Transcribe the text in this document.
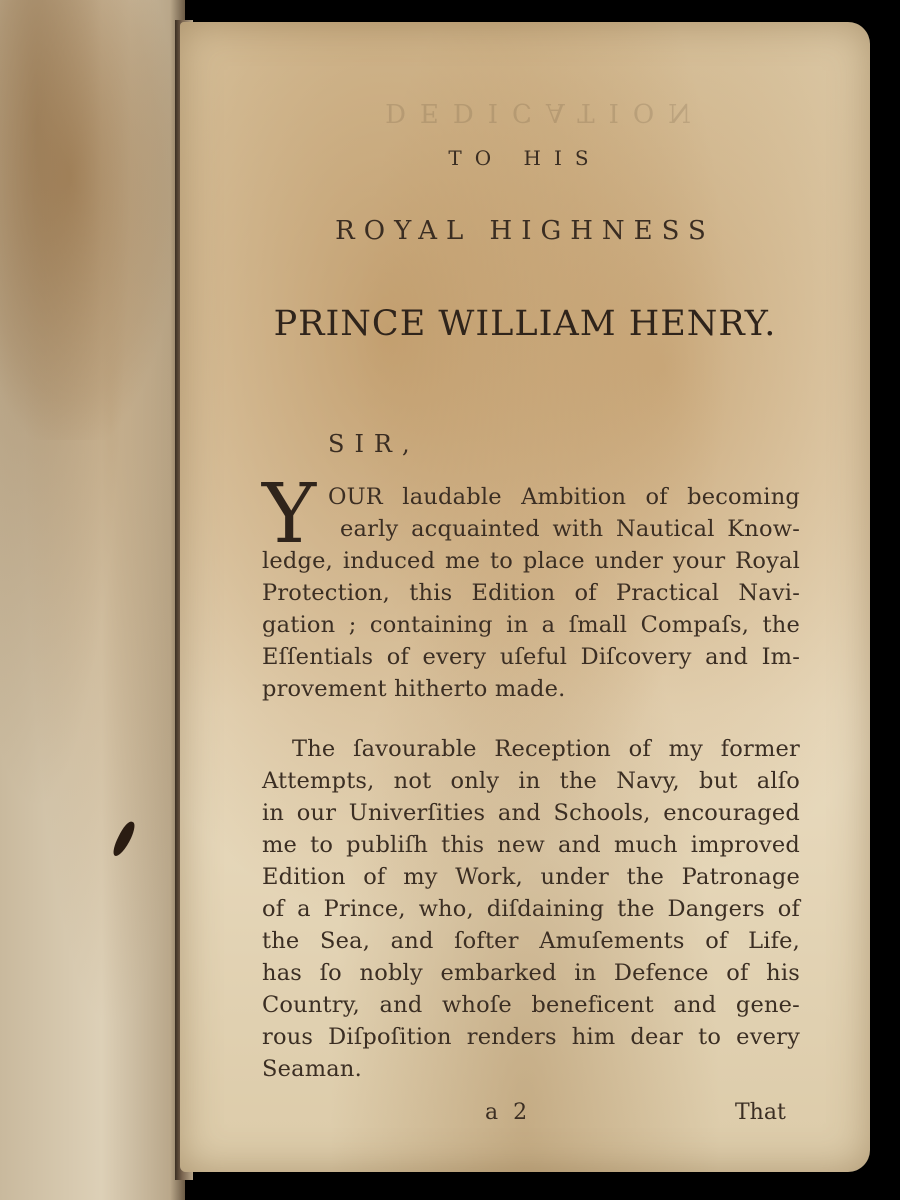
DEDICATION
TO HIS
ROYAL HIGHNESS
PRINCE WILLIAM HENRY.
SIR,
Y OUR laudable Ambition of becoming
early acquainted with Nautical Know-
ledge, induced me to place under your Royal
Protection, this Edition of Practical Navi-
gation ; containing in a ſmall Compaſs, the
Eſſentials of every uſeful Diſcovery and Im-
provement hitherto made.
The ſavourable Reception of my former
Attempts, not only in the Navy, but alſo
in our Univerſities and Schools, encouraged
me to publiſh this new and much improved
Edition of my Work, under the Patronage
of a Prince, who, diſdaining the Dangers of
the Sea, and ſofter Amuſements of Life,
has ſo nobly embarked in Defence of his
Country, and whoſe beneficent and gene-
rous Diſpoſition renders him dear to every
Seaman.
a 2	That
